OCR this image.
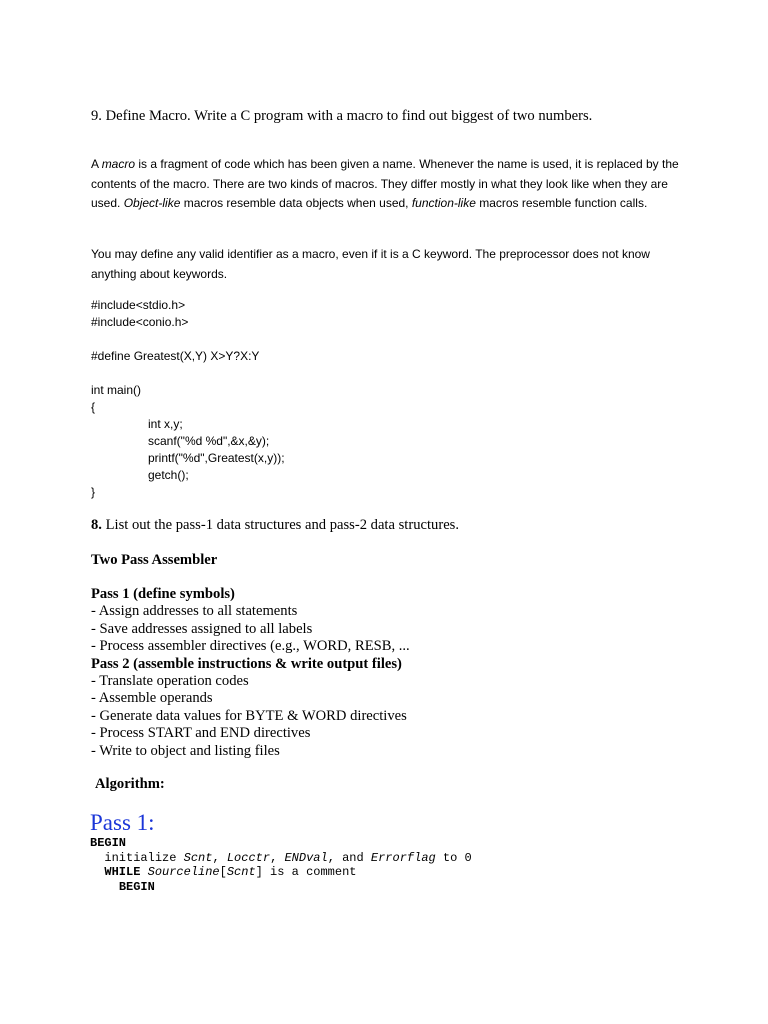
9. Define Macro. Write a C program with a macro to find out biggest of two numbers.
A macro is a fragment of code which has been given a name. Whenever the name is used, it is replaced by the contents of the macro. There are two kinds of macros. They differ mostly in what they look like when they are used. Object-like macros resemble data objects when used, function-like macros resemble function calls.
You may define any valid identifier as a macro, even if it is a C keyword. The preprocessor does not know anything about keywords.
#include<stdio.h>
#include<conio.h>

#define Greatest(X,Y) X>Y?X:Y

int main()
{
int x,y;
scanf("%d %d",&x,&y);
printf("%d",Greatest(x,y));
getch();
}
8. List out the pass-1 data structures and pass-2 data structures.
Two Pass Assembler
Pass 1 (define symbols)
- Assign addresses to all statements
- Save addresses assigned to all labels
- Process assembler directives (e.g., WORD, RESB, ...
Pass 2 (assemble instructions & write output files)
- Translate operation codes
- Assemble operands
- Generate data values for BYTE & WORD directives
- Process START and END directives
- Write to object and listing files
Algorithm:
Pass 1:
BEGIN
initialize Scnt, Locctr, ENDval, and Errorflag to 0
WHILE Sourceline[Scnt] is a comment
BEGIN
